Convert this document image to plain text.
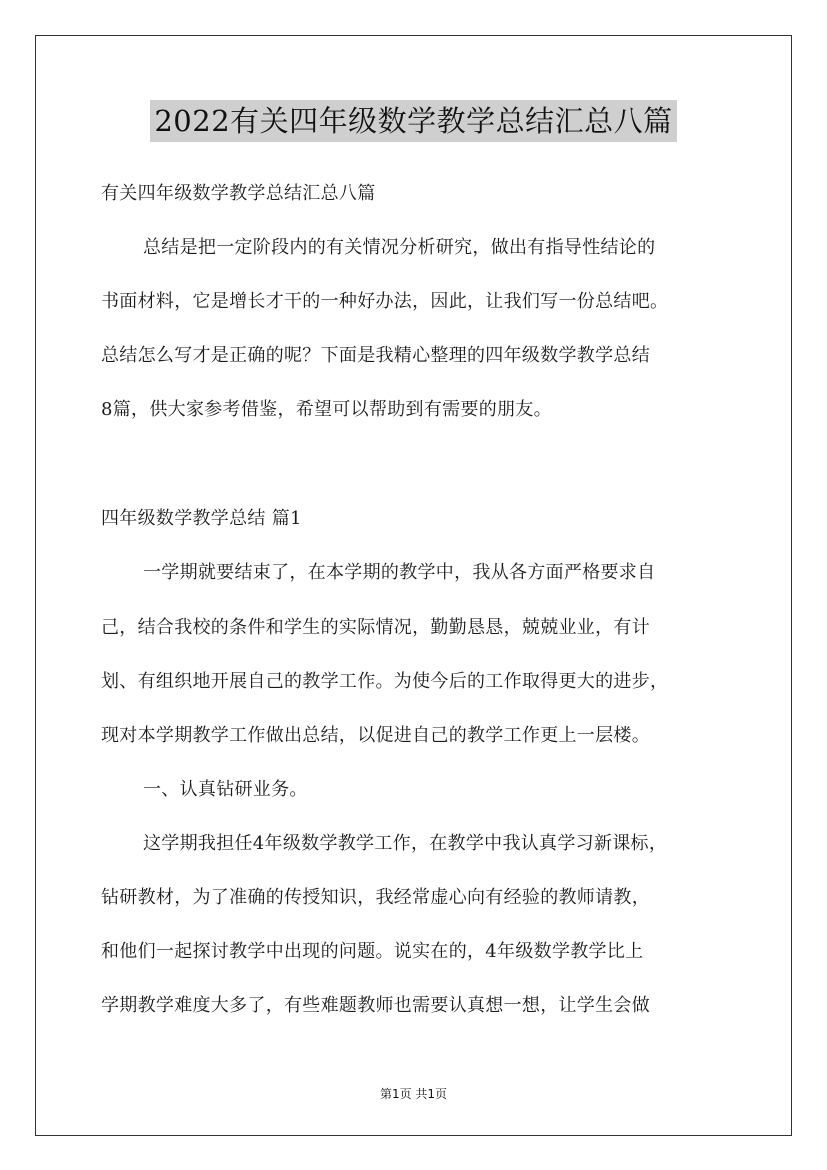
2022有关四年级数学教学总结汇总八篇
有关四年级数学教学总结汇总八篇
总结是把一定阶段内的有关情况分析研究，做出有指导性结论的
书面材料，它是增长才干的一种好办法，因此，让我们写一份总结吧。
总结怎么写才是正确的呢？下面是我精心整理的四年级数学教学总结
8篇，供大家参考借鉴，希望可以帮助到有需要的朋友。
四年级数学教学总结 篇1
一学期就要结束了，在本学期的教学中，我从各方面严格要求自
己，结合我校的条件和学生的实际情况，勤勤恳恳，兢兢业业，有计
划、有组织地开展自己的教学工作。为使今后的工作取得更大的进步，
现对本学期教学工作做出总结，以促进自己的教学工作更上一层楼。
一、认真钻研业务。
这学期我担任4年级数学教学工作，在教学中我认真学习新课标，
钻研教材，为了准确的传授知识，我经常虚心向有经验的教师请教，
和他们一起探讨教学中出现的问题。说实在的，4年级数学教学比上
学期教学难度大多了，有些难题教师也需要认真想一想，让学生会做
第1页 共1页
